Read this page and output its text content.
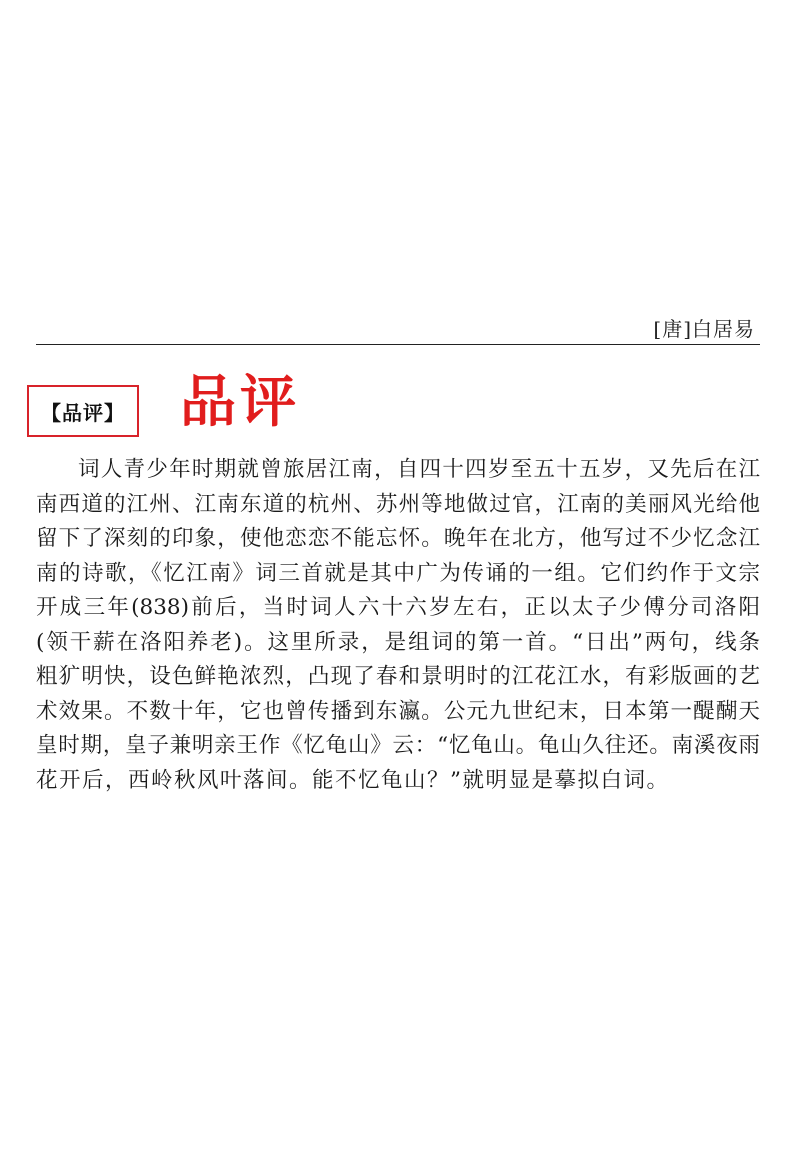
[唐]白居易
【品评】 品评
词人青少年时期就曾旅居江南，自四十四岁至五十五岁，又先后在江
南西道的江州、江南东道的杭州、苏州等地做过官，江南的美丽风光给他
留下了深刻的印象，使他恋恋不能忘怀。晚年在北方，他写过不少忆念江
南的诗歌，《忆江南》词三首就是其中广为传诵的一组。它们约作于文宗
开成三年(838)前后，当时词人六十六岁左右，正以太子少傅分司洛阳
(领干薪在洛阳养老)。这里所录，是组词的第一首。“日出”两句，线条
粗犷明快，设色鲜艳浓烈，凸现了春和景明时的江花江水，有彩版画的艺
术效果。不数十年，它也曾传播到东瀛。公元九世纪末，日本第一醍醐天
皇时期，皇子兼明亲王作《忆龟山》云：“忆龟山。龟山久往还。南溪夜雨
花开后，西岭秋风叶落间。能不忆龟山？”就明显是摹拟白词。
